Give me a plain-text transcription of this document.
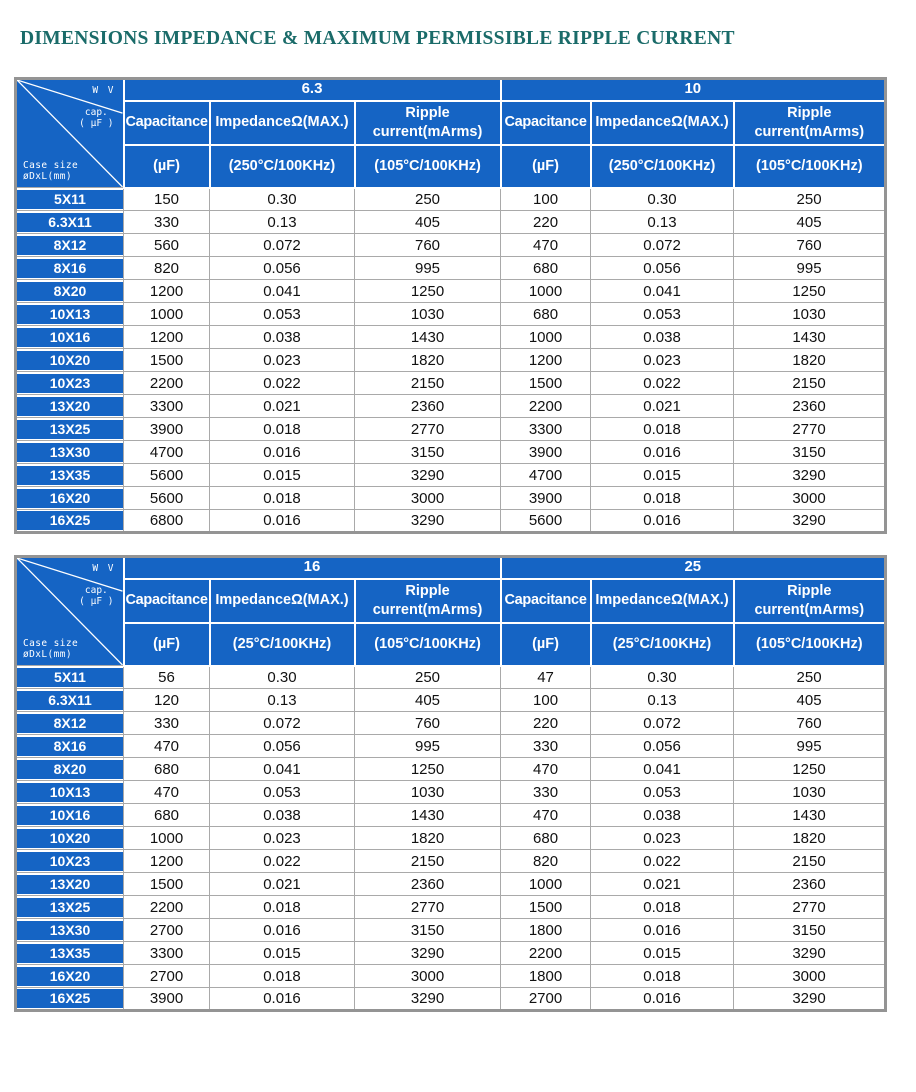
DIMENSIONS IMPEDANCE & MAXIMUM PERMISSIBLE RIPPLE CURRENT
W V
cap.
( µF )
Case size
øDxL(mm)	6.3			10		
	Capacitance	ImpedanceΩ(MAX.)	Ripple current(mArms)	Capacitance	ImpedanceΩ(MAX.)	Ripple current(mArms)
	(µF)	(250°C/100KHz)	(105°C/100KHz)	(µF)	(250°C/100KHz)	(105°C/100KHz)

5X11	150	0.30	250	100	0.30	250

6.3X11	330	0.13	405	220	0.13	405

8X12	560	0.072	760	470	0.072	760

8X16	820	0.056	995	680	0.056	995

8X20	1200	0.041	1250	1000	0.041	1250

10X13	1000	0.053	1030	680	0.053	1030

10X16	1200	0.038	1430	1000	0.038	1430

10X20	1500	0.023	1820	1200	0.023	1820

10X23	2200	0.022	2150	1500	0.022	2150

13X20	3300	0.021	2360	2200	0.021	2360

13X25	3900	0.018	2770	3300	0.018	2770

13X30	4700	0.016	3150	3900	0.016	3150

13X35	5600	0.015	3290	4700	0.015	3290

16X20	5600	0.018	3000	3900	0.018	3000

16X25	6800	0.016	3290	5600	0.016	3290
W V
cap.
( µF )
Case size
øDxL(mm)	16			25		
	Capacitance	ImpedanceΩ(MAX.)	Ripple current(mArms)	Capacitance	ImpedanceΩ(MAX.)	Ripple current(mArms)
	(µF)	(25°C/100KHz)	(105°C/100KHz)	(µF)	(25°C/100KHz)	(105°C/100KHz)

5X11	56	0.30	250	47	0.30	250

6.3X11	120	0.13	405	100	0.13	405

8X12	330	0.072	760	220	0.072	760

8X16	470	0.056	995	330	0.056	995

8X20	680	0.041	1250	470	0.041	1250

10X13	470	0.053	1030	330	0.053	1030

10X16	680	0.038	1430	470	0.038	1430

10X20	1000	0.023	1820	680	0.023	1820

10X23	1200	0.022	2150	820	0.022	2150

13X20	1500	0.021	2360	1000	0.021	2360

13X25	2200	0.018	2770	1500	0.018	2770

13X30	2700	0.016	3150	1800	0.016	3150

13X35	3300	0.015	3290	2200	0.015	3290

16X20	2700	0.018	3000	1800	0.018	3000

16X25	3900	0.016	3290	2700	0.016	3290
